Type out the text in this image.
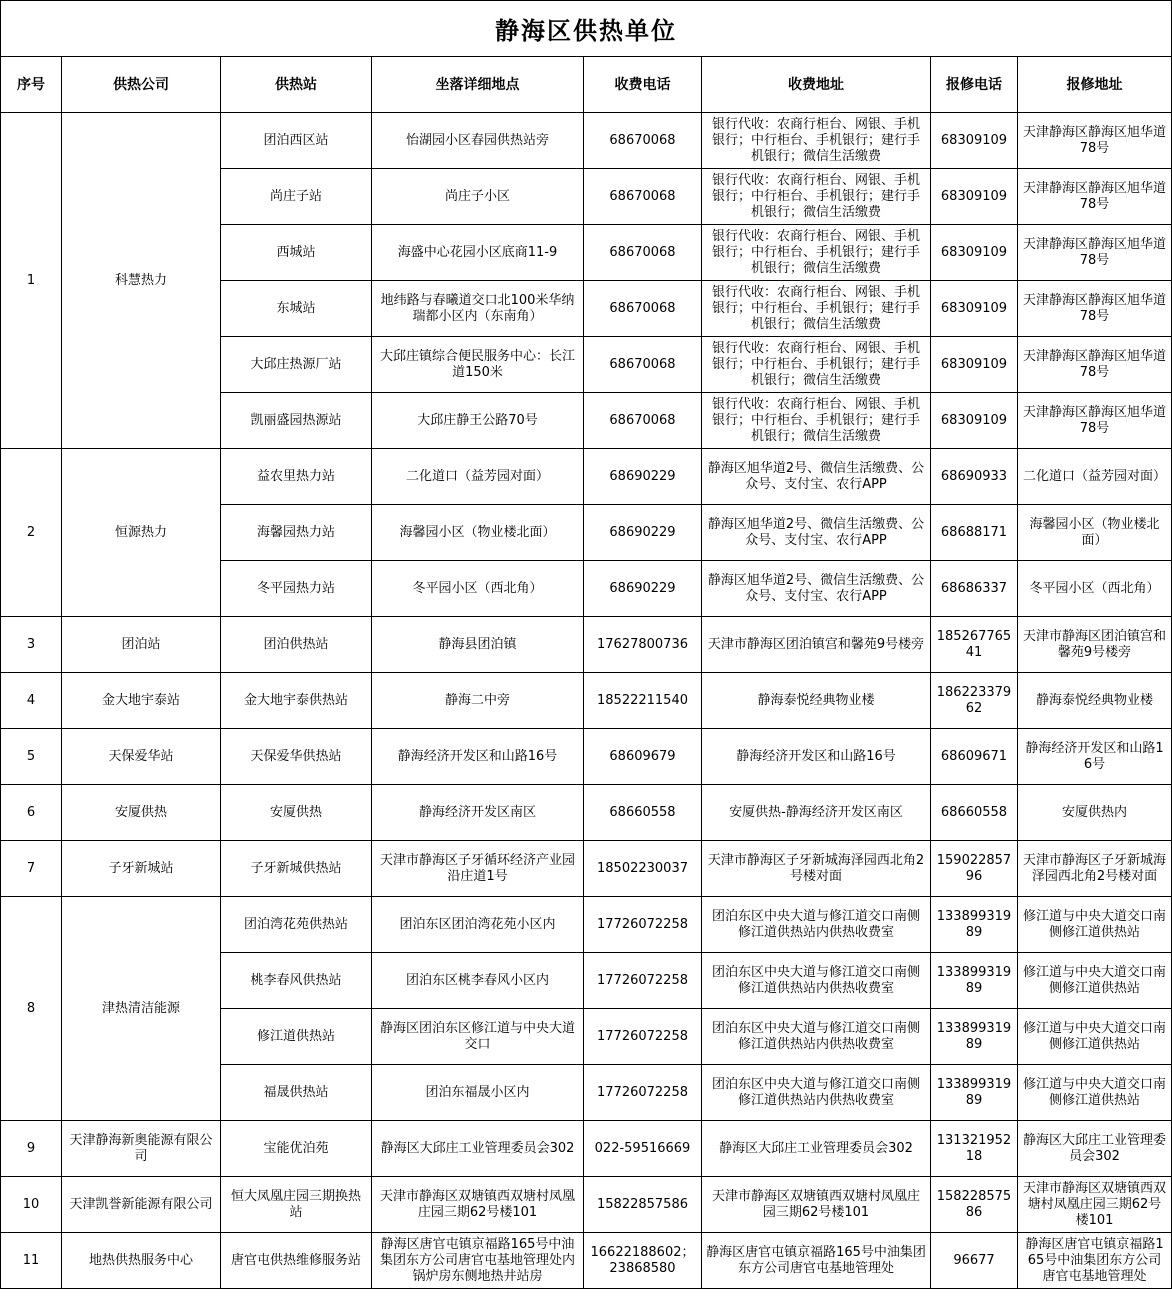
静海区供热单位
序号	供热公司	供热站	坐落详细地点	收费电话	收费地址	报修电话	报修地址
1	科慧热力	团泊西区站	怡湖园小区春园供热站旁	68670068	银行代收：农商行柜台、网银、手机银行；中行柜台、手机银行；建行手机银行；微信生活缴费	68309109	天津静海区静海区旭华道78号
		尚庄子站	尚庄子小区	68670068	银行代收：农商行柜台、网银、手机银行；中行柜台、手机银行；建行手机银行；微信生活缴费	68309109	天津静海区静海区旭华道78号
		西城站	海盛中心花园小区底商11-9	68670068	银行代收：农商行柜台、网银、手机银行；中行柜台、手机银行；建行手机银行；微信生活缴费	68309109	天津静海区静海区旭华道78号
		东城站	地纬路与春曦道交口北100米华纳瑞都小区内（东南角）	68670068	银行代收：农商行柜台、网银、手机银行；中行柜台、手机银行；建行手机银行；微信生活缴费	68309109	天津静海区静海区旭华道78号
		大邱庄热源厂站	大邱庄镇综合便民服务中心：长江道150米	68670068	银行代收：农商行柜台、网银、手机银行；中行柜台、手机银行；建行手机银行；微信生活缴费	68309109	天津静海区静海区旭华道78号
		凯丽盛园热源站	大邱庄静王公路70号	68670068	银行代收：农商行柜台、网银、手机银行；中行柜台、手机银行；建行手机银行；微信生活缴费	68309109	天津静海区静海区旭华道78号
2	恒源热力	益农里热力站	二化道口（益芳园对面）	68690229	静海区旭华道2号、微信生活缴费、公众号、支付宝、农行APP	68690933	二化道口（益芳园对面）
		海馨园热力站	海馨园小区（物业楼北面）	68690229	静海区旭华道2号、微信生活缴费、公众号、支付宝、农行APP	68688171	海馨园小区（物业楼北面）
		冬平园热力站	冬平园小区（西北角）	68690229	静海区旭华道2号、微信生活缴费、公众号、支付宝、农行APP	68686337	冬平园小区（西北角）
3	团泊站	团泊供热站	静海县团泊镇	17627800736	天津市静海区团泊镇宫和馨苑9号楼旁	18526776541	天津市静海区团泊镇宫和馨苑9号楼旁
4	金大地宇泰站	金大地宇泰供热站	静海二中旁	18522211540	静海泰悦经典物业楼	18622337962	静海泰悦经典物业楼
5	天保爱华站	天保爱华供热站	静海经济开发区和山路16号	68609679	静海经济开发区和山路16号	68609671	静海经济开发区和山路16号
6	安厦供热	安厦供热	静海经济开发区南区	68660558	安厦供热-静海经济开发区南区	68660558	安厦供热内
7	子牙新城站	子牙新城供热站	天津市静海区子牙循环经济产业园沿庄道1号	18502230037	天津市静海区子牙新城海泽园西北角2号楼对面	15902285796	天津市静海区子牙新城海泽园西北角2号楼对面
8	津热清洁能源	团泊湾花苑供热站	团泊东区团泊湾花苑小区内	17726072258	团泊东区中央大道与修江道交口南侧修江道供热站内供热收费室	13389931989	修江道与中央大道交口南侧修江道供热站
		桃李春风供热站	团泊东区桃李春风小区内	17726072258	团泊东区中央大道与修江道交口南侧修江道供热站内供热收费室	13389931989	修江道与中央大道交口南侧修江道供热站
		修江道供热站	静海区团泊东区修江道与中央大道交口	17726072258	团泊东区中央大道与修江道交口南侧修江道供热站内供热收费室	13389931989	修江道与中央大道交口南侧修江道供热站
		福晟供热站	团泊东福晟小区内	17726072258	团泊东区中央大道与修江道交口南侧修江道供热站内供热收费室	13389931989	修江道与中央大道交口南侧修江道供热站
9	天津静海新奥能源有限公司	宝能优泊苑	静海区大邱庄工业管理委员会302	022-59516669	静海区大邱庄工业管理委员会302	13132195218	静海区大邱庄工业管理委员会302
10	天津凯誉新能源有限公司	恒大凤凰庄园三期换热站	天津市静海区双塘镇西双塘村凤凰庄园三期62号楼101	15822857586	天津市静海区双塘镇西双塘村凤凰庄园三期62号楼101	15822857586	天津市静海区双塘镇西双塘村凤凰庄园三期62号楼101
11	地热供热服务中心	唐官屯供热维修服务站	静海区唐官屯镇京福路165号中油集团东方公司唐官屯基地管理处内锅炉房东侧地热井站房	16622188602；23868580	静海区唐官屯镇京福路165号中油集团东方公司唐官屯基地管理处	96677	静海区唐官屯镇京福路165号中油集团东方公司唐官屯基地管理处
